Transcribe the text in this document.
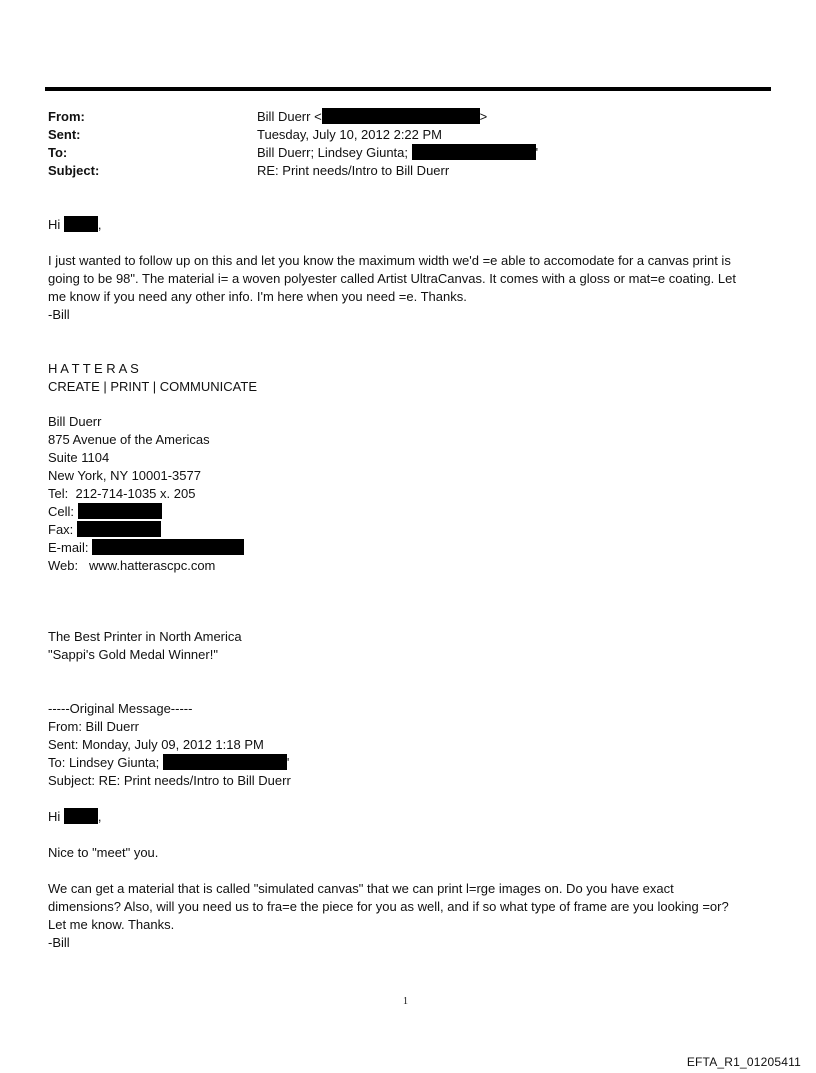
From:	Bill Duerr <	>
Sent:	Tuesday, July 10, 2012 2:22 PM
To:	Bill Duerr; Lindsey Giunta;	'
Subject:	RE: Print needs/Intro to Bill Duerr
Hi	,
I just wanted to follow up on this and let you know the maximum width we'd =e able to accomodate for a canvas print is
going to be 98". The material i= a woven polyester called Artist UltraCanvas. It comes with a gloss or mat=e coating. Let
me know if you need any other info. I'm here when you need =e. Thanks.
-Bill
H A T T E R A S
CREATE | PRINT | COMMUNICATE
Bill Duerr
875 Avenue of the Americas
Suite 1104
New York, NY 10001-3577
Tel:  212-714-1035 x. 205
Cell:
Fax:
E-mail:
Web:   www.hatterascpc.com
The Best Printer in North America
"Sappi's Gold Medal Winner!"
-----Original Message-----
From: Bill Duerr
Sent: Monday, July 09, 2012 1:18 PM
To: Lindsey Giunta;	'
Subject: RE: Print needs/Intro to Bill Duerr
Hi	,
Nice to "meet" you.
We can get a material that is called "simulated canvas" that we can print l=rge images on. Do you have exact
dimensions? Also, will you need us to fra=e the piece for you as well, and if so what type of frame are you looking =or?
Let me know. Thanks.
-Bill
1
EFTA_R1_01205411
